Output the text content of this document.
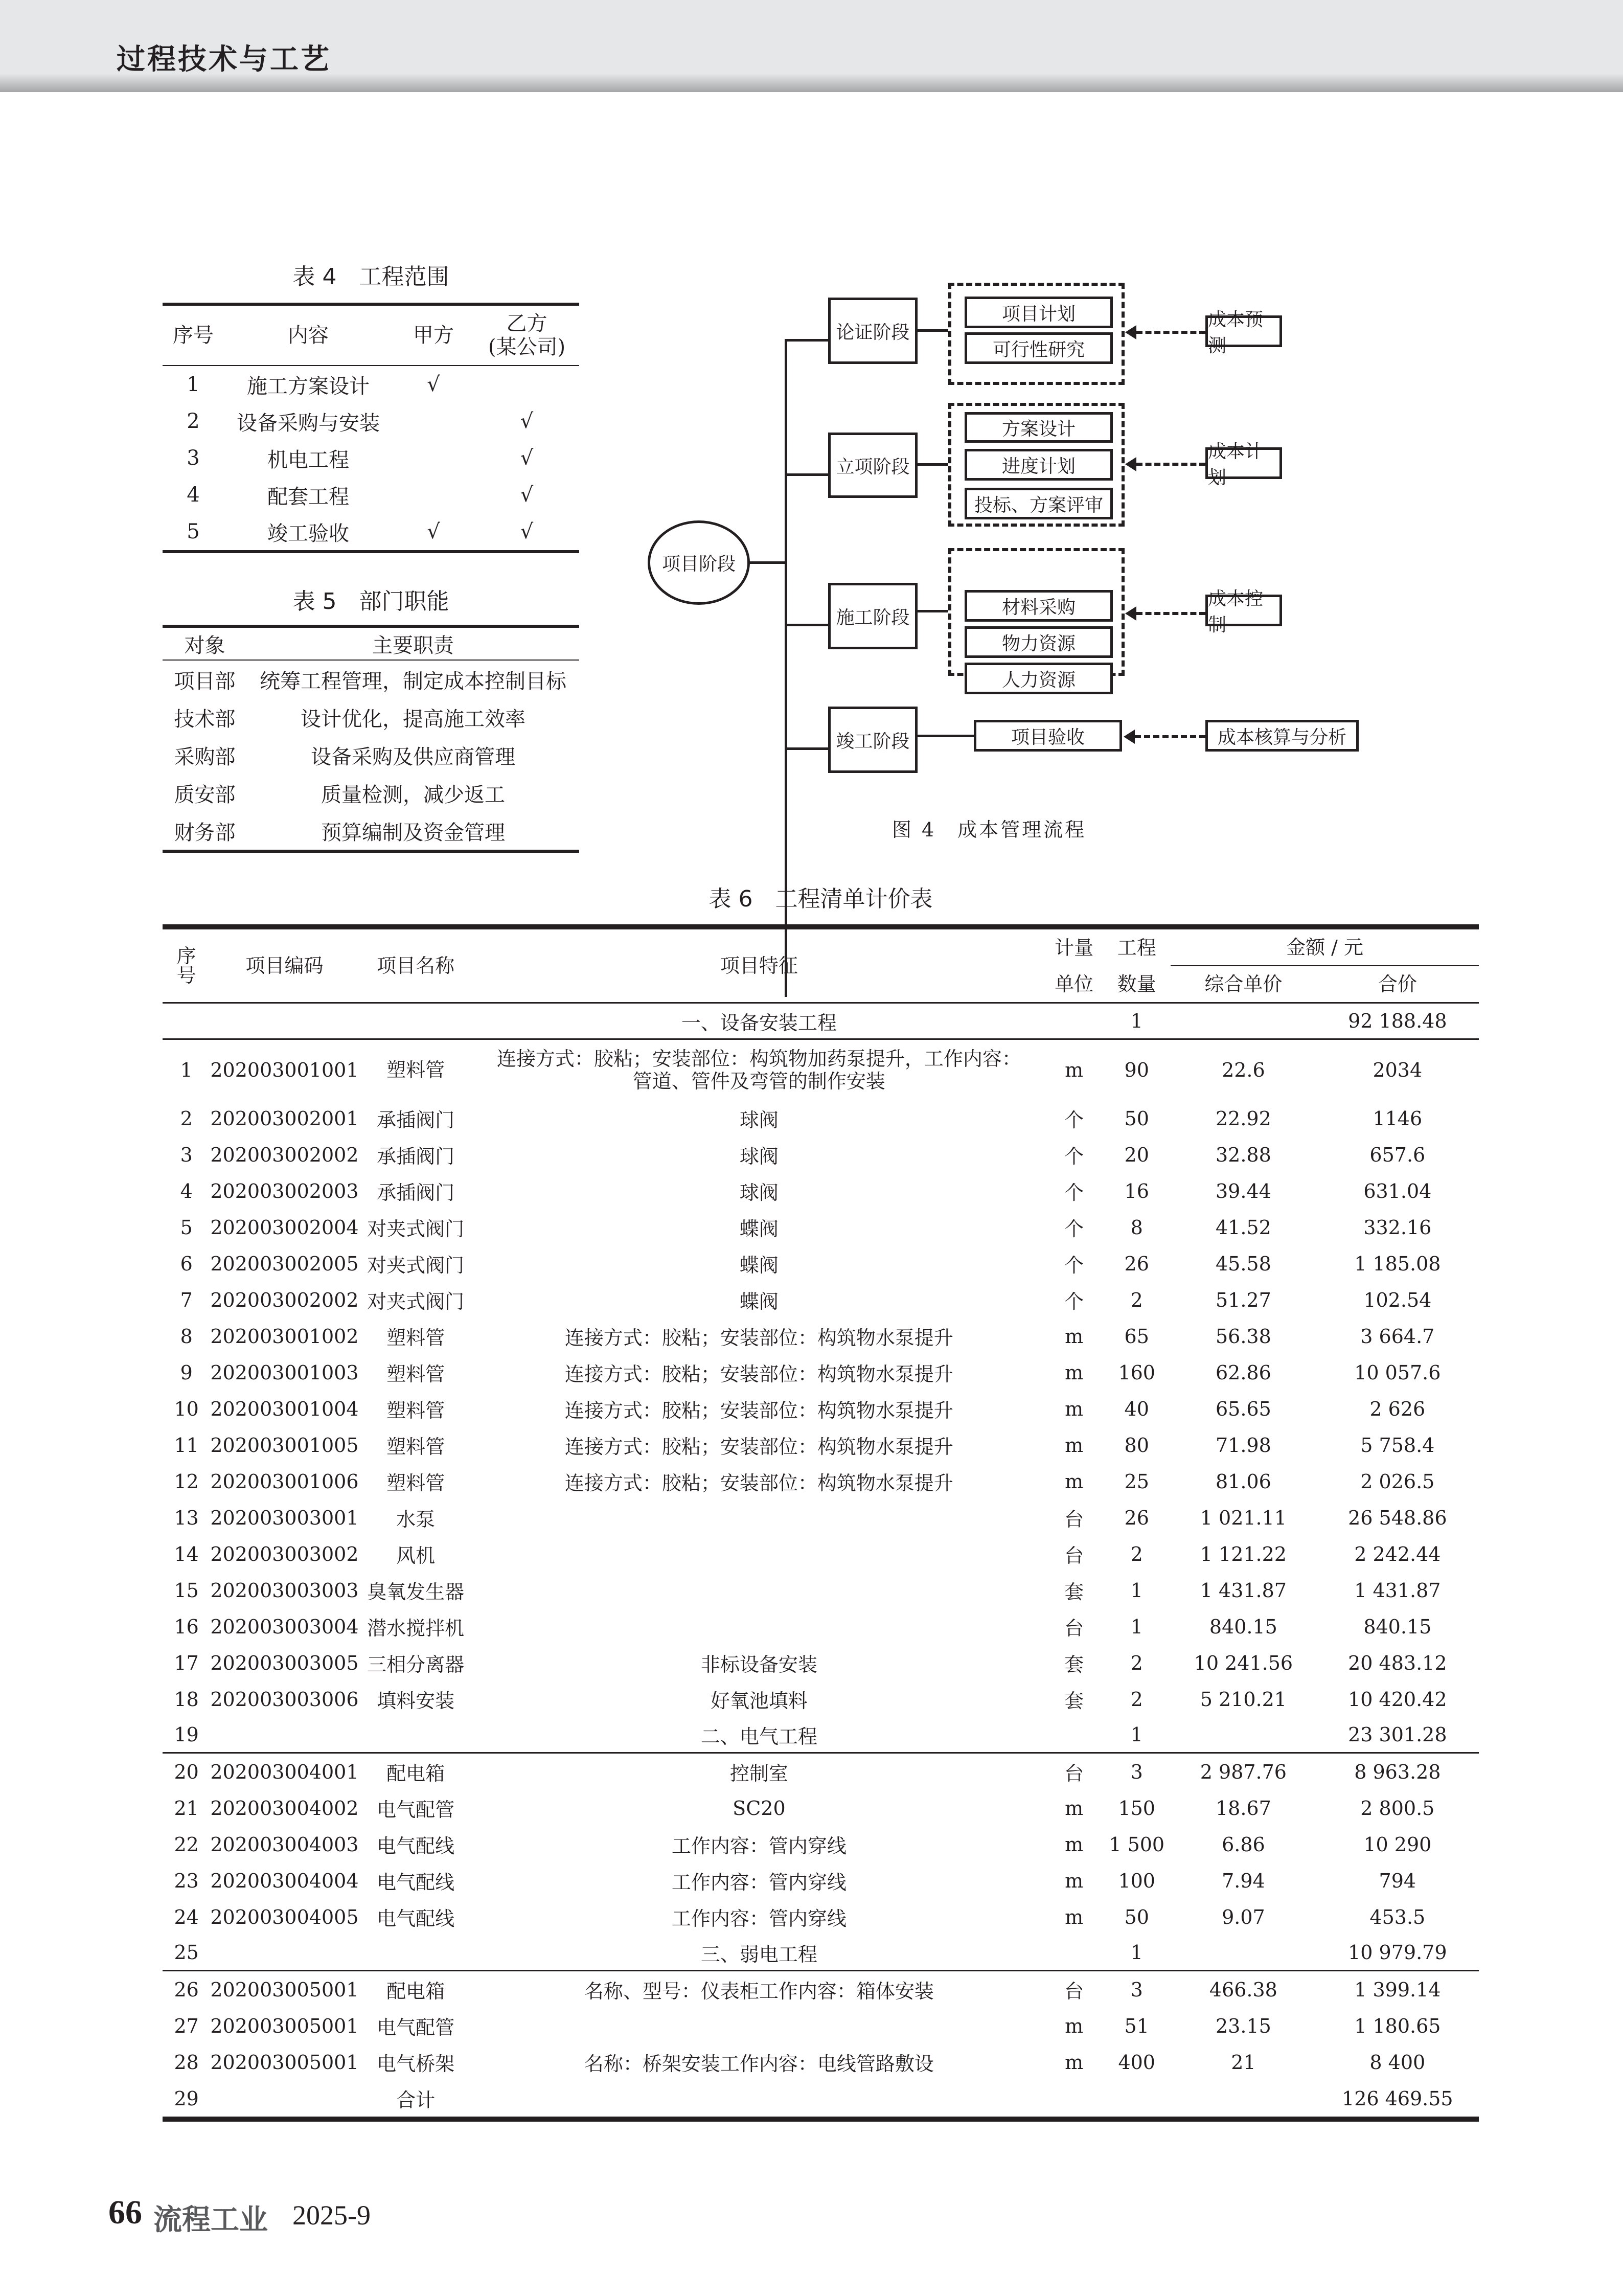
过程技术与工艺
表 4　工程范围
序号	内容	甲方	乙方
(某公司)
1	施工方案设计	√	
2	设备采购与安装		√
3	机电工程		√
4	配套工程		√
5	竣工验收	√	√
表 5　部门职能
对象	主要职责
项目部	统筹工程管理，制定成本控制目标
技术部	设计优化，提高施工效率
采购部	设备采购及供应商管理
质安部	质量检测，减少返工
财务部	预算编制及资金管理
项目阶段
论证阶段
立项阶段
施工阶段
竣工阶段
项目计划
可行性研究
方案设计
进度计划
投标、方案评审
材料采购
物力资源
人力资源
项目验收
成本预测
成本计划
成本控制
成本核算与分析
图 4　成本管理流程
表 6　工程清单计价表
序号	项目编码	项目名称	项目特征	计量	工程	金额 / 元	
				单位	数量	综合单价	合价
			一、设备安装工程		1		92 188.48
1	202003001001	塑料管	连接方式：胶粘；安装部位：构筑物加药泵提升，工作内容：管道、管件及弯管的制作安装	m	90	22.6	2034
2	202003002001	承插阀门	球阀	个	50	22.92	1146
3	202003002002	承插阀门	球阀	个	20	32.88	657.6
4	202003002003	承插阀门	球阀	个	16	39.44	631.04
5	202003002004	对夹式阀门	蝶阀	个	8	41.52	332.16
6	202003002005	对夹式阀门	蝶阀	个	26	45.58	1 185.08
7	202003002002	对夹式阀门	蝶阀	个	2	51.27	102.54
8	202003001002	塑料管	连接方式：胶粘；安装部位：构筑物水泵提升	m	65	56.38	3 664.7
9	202003001003	塑料管	连接方式：胶粘；安装部位：构筑物水泵提升	m	160	62.86	10 057.6
10	202003001004	塑料管	连接方式：胶粘；安装部位：构筑物水泵提升	m	40	65.65	2 626
11	202003001005	塑料管	连接方式：胶粘；安装部位：构筑物水泵提升	m	80	71.98	5 758.4
12	202003001006	塑料管	连接方式：胶粘；安装部位：构筑物水泵提升	m	25	81.06	2 026.5
13	202003003001	水泵		台	26	1 021.11	26 548.86
14	202003003002	风机		台	2	1 121.22	2 242.44
15	202003003003	臭氧发生器		套	1	1 431.87	1 431.87
16	202003003004	潜水搅拌机		台	1	840.15	840.15
17	202003003005	三相分离器	非标设备安装	套	2	10 241.56	20 483.12
18	202003003006	填料安装	好氧池填料	套	2	5 210.21	10 420.42
19			二、电气工程		1		23 301.28
20	202003004001	配电箱	控制室	台	3	2 987.76	8 963.28
21	202003004002	电气配管	SC20	m	150	18.67	2 800.5
22	202003004003	电气配线	工作内容：管内穿线	m	1 500	6.86	10 290
23	202003004004	电气配线	工作内容：管内穿线	m	100	7.94	794
24	202003004005	电气配线	工作内容：管内穿线	m	50	9.07	453.5
25			三、弱电工程		1		10 979.79
26	202003005001	配电箱	名称、型号：仪表柜工作内容：箱体安装	台	3	466.38	1 399.14
27	202003005001	电气配管		m	51	23.15	1 180.65
28	202003005001	电气桥架	名称：桥架安装工作内容：电线管路敷设	m	400	21	8 400
29		合计					126 469.55
66 流程工业 2025-9
